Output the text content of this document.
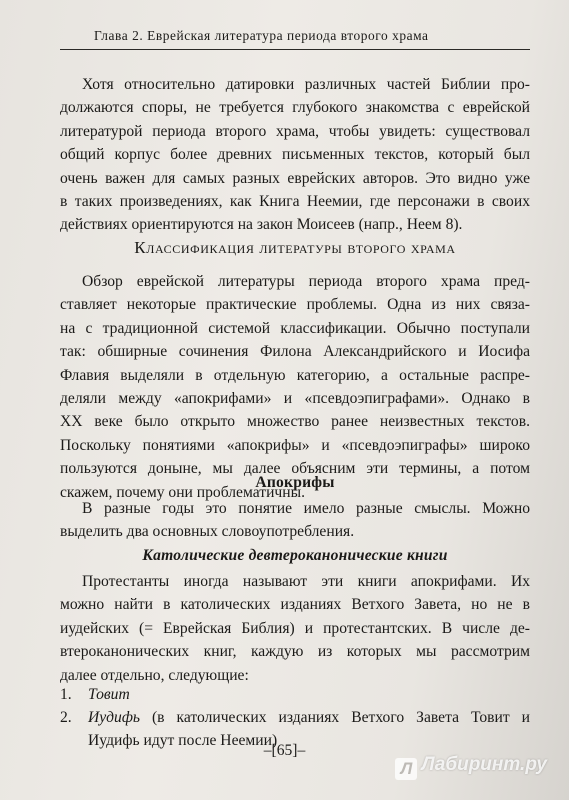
Глава 2. Еврейская литература периода второго храма
Хотя относительно датировки различных частей Библии про-
должаются споры, не требуется глубокого знакомства с еврейской
литературой периода второго храма, чтобы увидеть: существовал
общий корпус более древних письменных текстов, который был
очень важен для самых разных еврейских авторов. Это видно уже
в таких произведениях, как Книга Неемии, где персонажи в своих
действиях ориентируются на закон Моисеев (напр., Неем 8).
Классификация литературы второго храма
Обзор еврейской литературы периода второго храма пред-
ставляет некоторые практические проблемы. Одна из них связа-
на с традиционной системой классификации. Обычно поступали
так: обширные сочинения Филона Александрийского и Иосифа
Флавия выделяли в отдельную категорию, а остальные распре-
деляли между «апокрифами» и «псевдоэпиграфами». Однако в
XX веке было открыто множество ранее неизвестных текстов.
Поскольку понятиями «апокрифы» и «псевдоэпиграфы» широко
пользуются доныне, мы далее объясним эти термины, а потом
скажем, почему они проблематичны.
Апокрифы
В разные годы это понятие имело разные смыслы. Можно
выделить два основных словоупотребления.
Католические девтероканонические книги
Протестанты иногда называют эти книги апокрифами. Их
можно найти в католических изданиях Ветхого Завета, но не в
иудейских (= Еврейская Библия) и протестантских. В числе де-
втероканонических книг, каждую из которых мы рассмотрим
далее отдельно, следующие:
1. Товит
2. Иудифь (в католических изданиях Ветхого Завета Товит и
Иудифь идут после Неемии)
–[65]–
Л Лабиринт.ру
